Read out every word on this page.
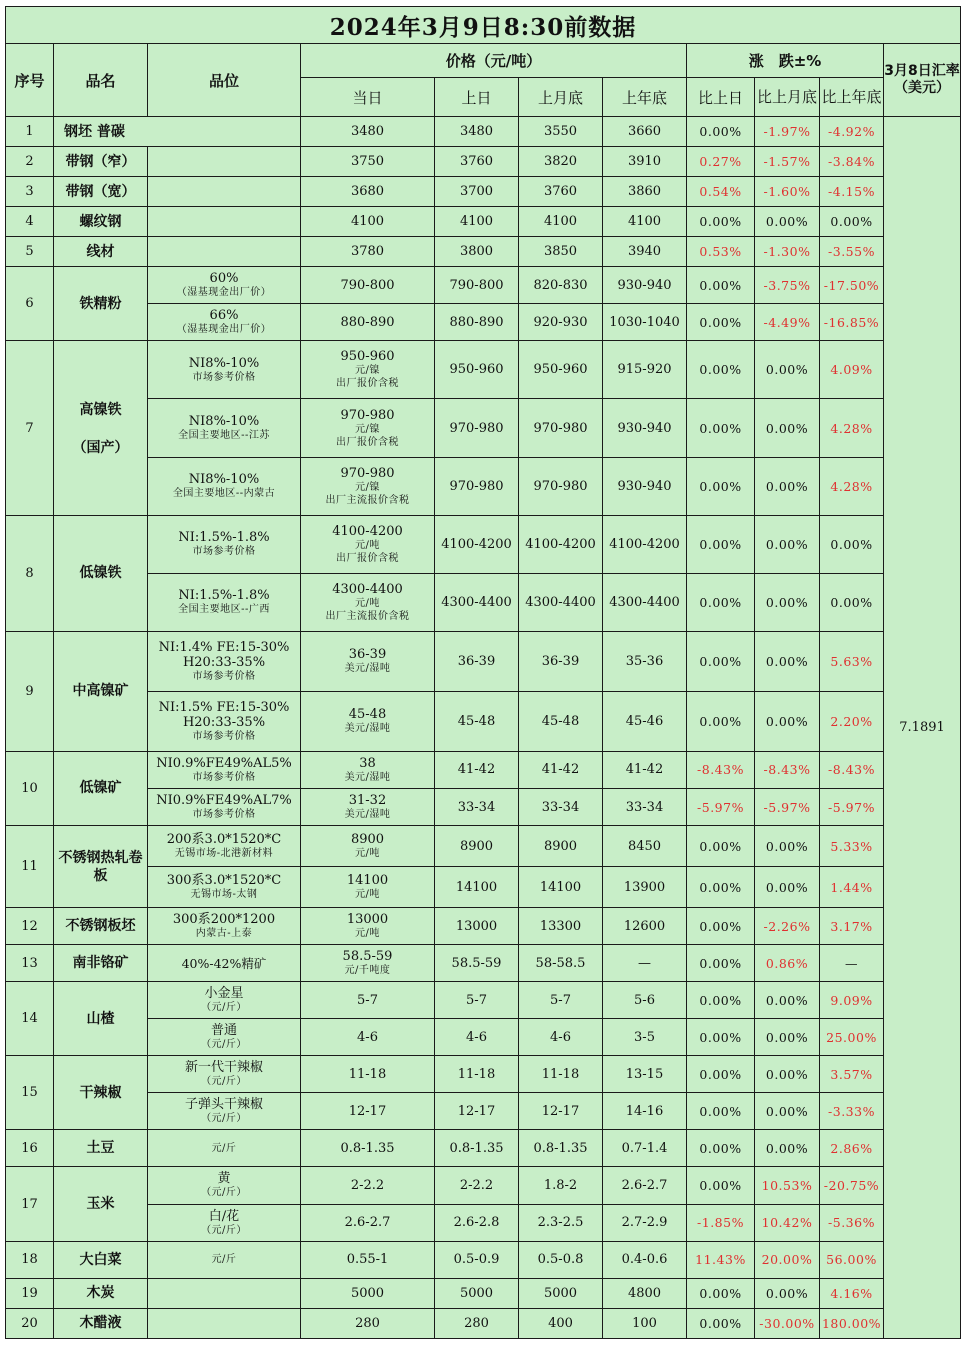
2024年3月9日8:30前数据										
序号	品名	品位	价格（元/吨）				涨　跌±%			3月8日汇率（美元）
			当日	上日	上月底	上年底	比上日	比上月底	比上年底	
1	钢坯 普碳		3480	3480	3550	3660	0.00%	-1.97%	-4.92%	7.1891
2	带钢（窄）		3750	3760	3820	3910	0.27%	-1.57%	-3.84%	
3	带钢（宽）		3680	3700	3760	3860	0.54%	-1.60%	-4.15%	
4	螺纹钢		4100	4100	4100	4100	0.00%	0.00%	0.00%	
5	线材		3780	3800	3850	3940	0.53%	-1.30%	-3.55%	
6	铁精粉	60%
（湿基现金出厂价）	790-800	790-800	820-830	930-940	0.00%	-3.75%	-17.50%	

		66%
（湿基现金出厂价）	880-890	880-890	920-930	1030-1040	0.00%	-4.49%	-16.85%	
7	高镍铁
（国产）	NI8%-10%
市场参考价格	950-960
元/镍
出厂报价含税	950-960	950-960	915-920	0.00%	0.00%	4.09%	

		NI8%-10%
全国主要地区--江苏	970-980
元/镍
出厂报价含税	970-980	970-980	930-940	0.00%	0.00%	4.28%	

		NI8%-10%
全国主要地区--内蒙古	970-980
元/镍
出厂主流报价含税	970-980	970-980	930-940	0.00%	0.00%	4.28%	
8	低镍铁	NI:1.5%-1.8%
市场参考价格	4100-4200
元/吨
出厂报价含税	4100-4200	4100-4200	4100-4200	0.00%	0.00%	0.00%	

		NI:1.5%-1.8%
全国主要地区--广西	4300-4400
元/吨
出厂主流报价含税	4300-4400	4300-4400	4300-4400	0.00%	0.00%	0.00%	
9	中高镍矿	NI:1.4% FE:15-30%
H20:33-35%
市场参考价格	36-39
美元/湿吨	36-39	36-39	35-36	0.00%	0.00%	5.63%	

		NI:1.5% FE:15-30%
H20:33-35%
市场参考价格	45-48
美元/湿吨	45-48	45-48	45-46	0.00%	0.00%	2.20%	
10	低镍矿	NI0.9%FE49%AL5%
市场参考价格	38
美元/湿吨	41-42	41-42	41-42	-8.43%	-8.43%	-8.43%	

		NI0.9%FE49%AL7%
市场参考价格	31-32
美元/湿吨	33-34	33-34	33-34	-5.97%	-5.97%	-5.97%	
11	不锈钢热轧卷板	200系3.0*1520*C
无锡市场-北港新材料	8900
元/吨	8900	8900	8450	0.00%	0.00%	5.33%	

		300系3.0*1520*C
无锡市场-太钢	14100
元/吨	14100	14100	13900	0.00%	0.00%	1.44%	
12	不锈钢板坯	300系200*1200
内蒙古-上泰	13000
元/吨	13000	13300	12600	0.00%	-2.26%	3.17%	
13	南非铬矿	40%-42%精矿	58.5-59
元/千吨度	58.5-59	58-58.5	—	0.00%	0.86%	—	
14	山楂	小金星
（元/斤）	5-7	5-7	5-7	5-6	0.00%	0.00%	9.09%	

		普通
（元/斤）	4-6	4-6	4-6	3-5	0.00%	0.00%	25.00%	
15	干辣椒	新一代干辣椒
（元/斤）	11-18	11-18	11-18	13-15	0.00%	0.00%	3.57%	

		子弹头干辣椒
（元/斤）	12-17	12-17	12-17	14-16	0.00%	0.00%	-3.33%	
16	土豆	元/斤	0.8-1.35	0.8-1.35	0.8-1.35	0.7-1.4	0.00%	0.00%	2.86%	
17	玉米	黄
（元/斤）	2-2.2	2-2.2	1.8-2	2.6-2.7	0.00%	10.53%	-20.75%	

		白/花
（元/斤）	2.6-2.7	2.6-2.8	2.3-2.5	2.7-2.9	-1.85%	10.42%	-5.36%	
18	大白菜	元/斤	0.55-1	0.5-0.9	0.5-0.8	0.4-0.6	11.43%	20.00%	56.00%	
19	木炭		5000	5000	5000	4800	0.00%	0.00%	4.16%	
20	木醋液		280	280	400	100	0.00%	-30.00%	180.00%	
